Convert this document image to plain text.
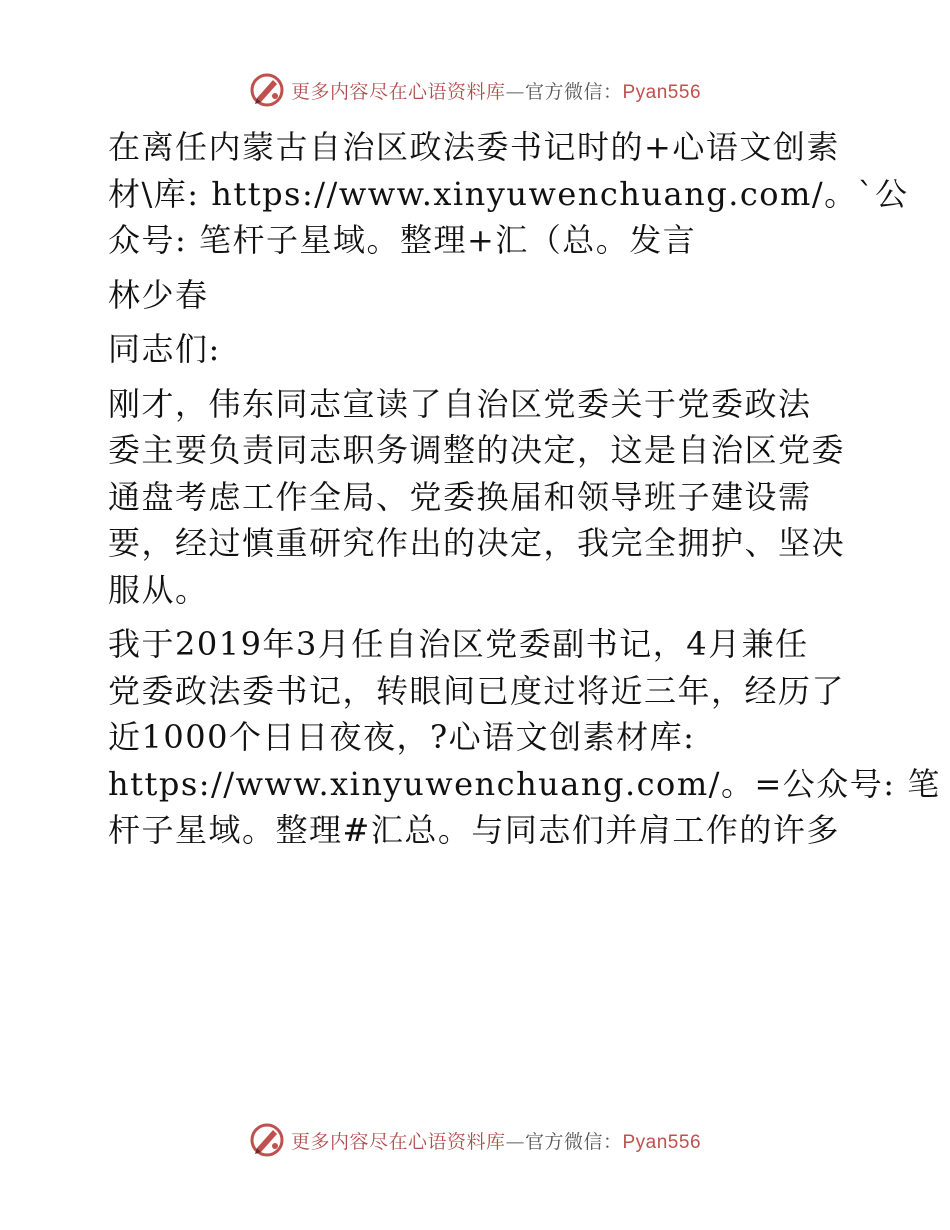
更多内容尽在心语资料库—官方微信：Pyan556
在离任内蒙古自治区政法委书记时的+心语文创素
材\库: https://www.xinyuwenchuang.com/。`公
众号: 笔杆子星域。整理+汇（总。发言
林少春
同志们:
刚才，伟东同志宣读了自治区党委关于党委政法
委主要负责同志职务调整的决定，这是自治区党委
通盘考虑工作全局、党委换届和领导班子建设需
要，经过慎重研究作出的决定，我完全拥护、坚决
服从。
我于2019年3月任自治区党委副书记，4月兼任
党委政法委书记，转眼间已度过将近三年，经历了
近1000个日日夜夜，?心语文创素材库:
https://www.xinyuwenchuang.com/。=公众号: 笔
杆子星域。整理#汇总。与同志们并肩工作的许多
更多内容尽在心语资料库—官方微信：Pyan556
